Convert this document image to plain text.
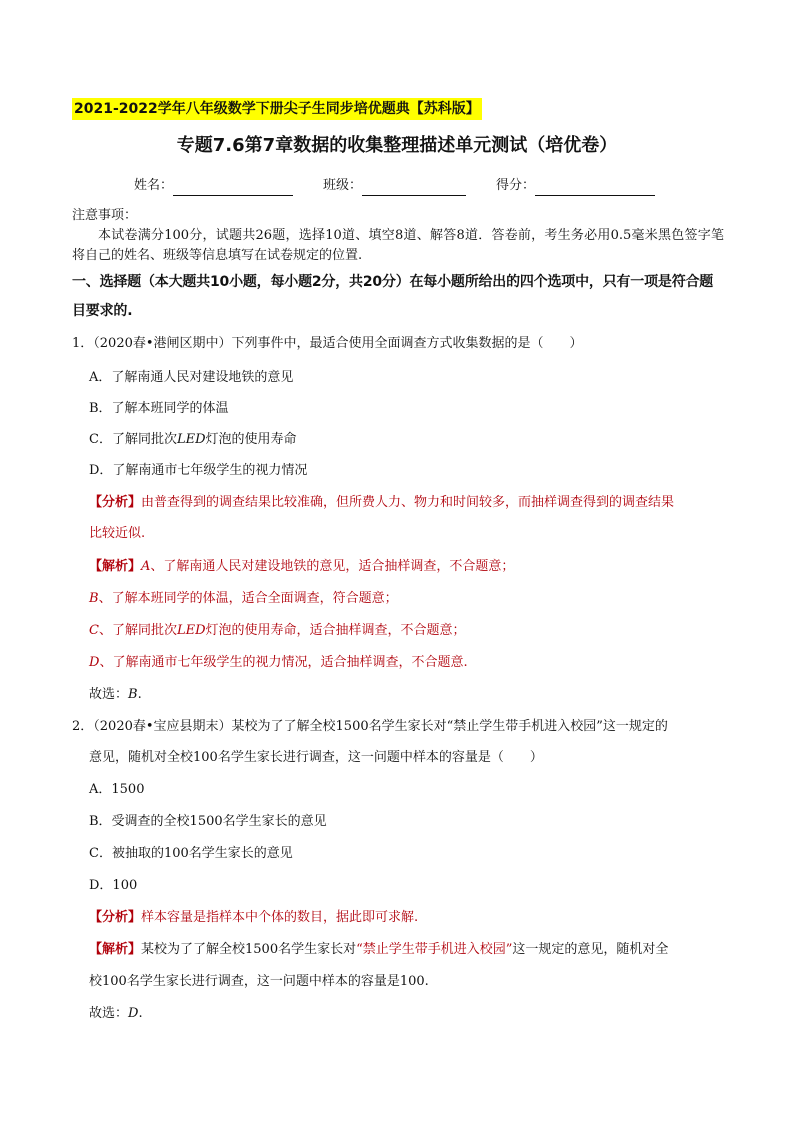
2021-2022学年八年级数学下册尖子生同步培优题典【苏科版】
专题7.6第7章数据的收集整理描述单元测试（培优卷）
姓名：	班级：	得分：
注意事项：
本试卷满分100分，试题共26题，选择10道、填空8道、解答8道．答卷前，考生务必用0.5毫米黑色签字笔将自己的姓名、班级等信息填写在试卷规定的位置.
一、选择题（本大题共10小题，每小题2分，共20分）在每小题所给出的四个选项中，只有一项是符合题目要求的.
1．（2020春•港闸区期中）下列事件中，最适合使用全面调查方式收集数据的是（　　）
A．了解南通人民对建设地铁的意见
B．了解本班同学的体温
C．了解同批次LED灯泡的使用寿命
D．了解南通市七年级学生的视力情况
【分析】由普查得到的调查结果比较准确，但所费人力、物力和时间较多，而抽样调查得到的调查结果
比较近似.
【解析】A、了解南通人民对建设地铁的意见，适合抽样调查，不合题意；
B、了解本班同学的体温，适合全面调查，符合题意；
C、了解同批次LED灯泡的使用寿命，适合抽样调查，不合题意；
D、了解南通市七年级学生的视力情况，适合抽样调查，不合题意.
故选：B.
2．（2020春•宝应县期末）某校为了了解全校1500名学生家长对“禁止学生带手机进入校园”这一规定的
意见，随机对全校100名学生家长进行调查，这一问题中样本的容量是（　　）
A．1500
B．受调查的全校1500名学生家长的意见
C．被抽取的100名学生家长的意见
D．100
【分析】样本容量是指样本中个体的数目，据此即可求解.
【解析】某校为了了解全校1500名学生家长对“禁止学生带手机进入校园”这一规定的意见，随机对全
校100名学生家长进行调查，这一问题中样本的容量是100.
故选：D.
